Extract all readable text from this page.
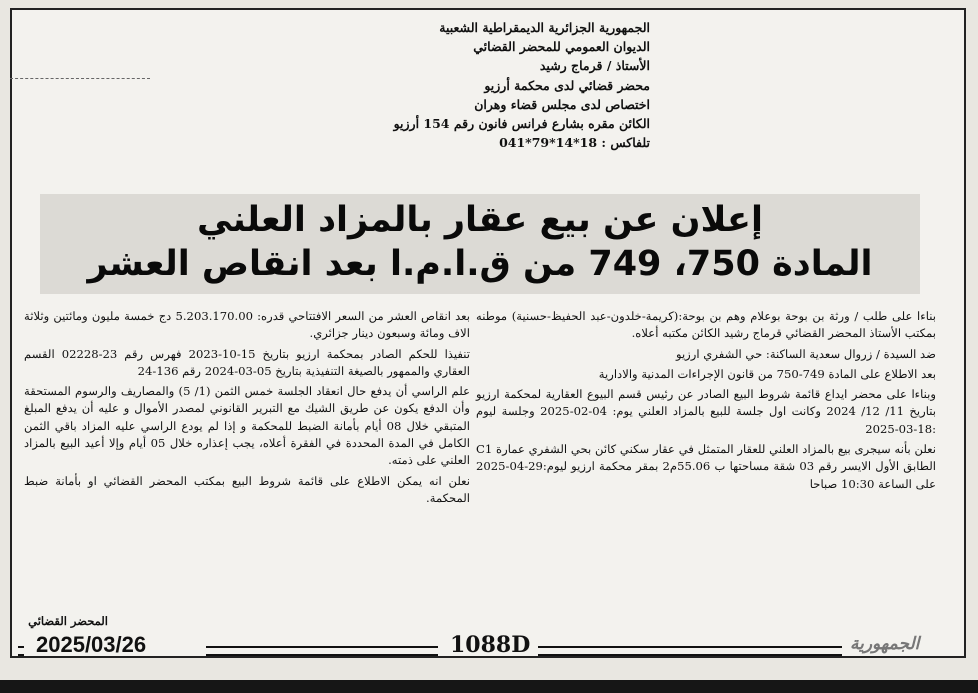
الجمهورية الجزائرية الديمقراطية الشعبية
الديوان العمومي للمحضر القضائي
الأستاذ / قرماج رشيد
محضر قضائي لدى محكمة أرزيو
اختصاص لدى مجلس قضاء وهران
الكائن مقره بشارع فرانس فانون رقم 154 أرزيو
تلفاكس : 18*14*79*041
إعلان عن بيع عقار بالمزاد العلني
المادة 750، 749 من ق.ا.م.ا بعد انقاص العشر

بناءا على طلب / ورثة بن بوحة بوعلام وهم بن بوحة:(كريمة-خلدون-عبد الحفيظ-حسنية) موطنه بمكتب الأستاذ المحضر القضائي قرماج رشيد الكائن مكتبه أعلاه.

ضد السيدة / زروال سعدية الساكنة: حي الشفري ارزيو

بعد الاطلاع على المادة 749-750 من قانون الإجراءات المدنية والادارية

وبناءا على محضر ايداع قائمة شروط البيع الصادر عن رئيس قسم البيوع العقارية لمحكمة ارزيو بتاريخ 11/ 12/ 2024 وكانت اول جلسة للبيع بالمزاد العلني يوم: 04-02-2025 وجلسة ليوم :18-03-2025

نعلن بأنه سيجرى بيع بالمزاد العلني للعقار المتمثل في عقار سكني كائن بحي الشفري عمارة C1 الطابق الأول الايسر رقم 03 شقة مساحتها ب 55.06م2 بمقر محكمة ارزيو ليوم:29-04-2025 على الساعة 10:30 صباحا

بعد انقاص العشر من السعر الافتتاحي قدره: 5.203.170.00 دج خمسة مليون ومائتين وثلاثة الاف ومائة وسبعون دينار جزائري.

تنفيذا للحكم الصادر بمحكمة ارزيو بتاريخ 15-10-2023 فهرس رقم 23-02228 القسم العقاري والممهور بالصيغة التنفيذية بتاريخ 05-03-2024 رقم 136-24

علم الراسي أن يدفع حال انعقاد الجلسة خمس الثمن (1/ 5) والمصاريف والرسوم المستحقة وأن الدفع يكون عن طريق الشيك مع التبرير القانوني لمصدر الأموال و عليه أن يدفع المبلغ المتبقي خلال 08 أيام بأمانة الضبط للمحكمة و إذا لم يودع الراسي عليه المزاد باقي الثمن الكامل في المدة المحددة في الفقرة أعلاه، يجب إعذاره خلال 05 أيام وإلا أعيد البيع بالمزاد العلني على ذمته.

نعلن انه يمكن الاطلاع على قائمة شروط البيع بمكتب المحضر القضائي او بأمانة ضبط المحكمة.

المحضر القضائي
2025/03/26	1088D	الجمهورية
